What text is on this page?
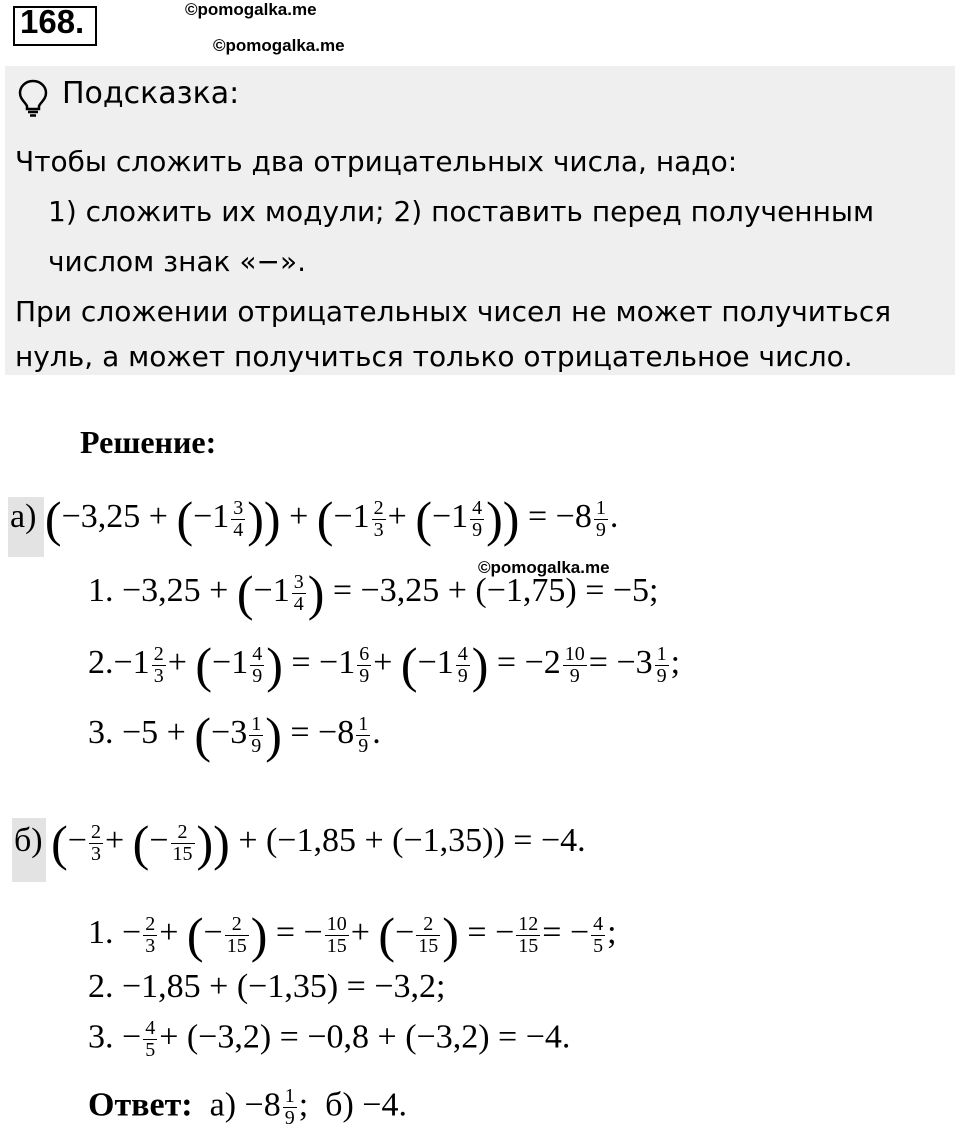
168.	©pomogalka.me
©pomogalka.me
Подсказка:
Чтобы сложить два отрицательных числа, надо:
1) сложить их модули; 2) поставить перед полученным
числом знак «−».
При сложении отрицательных чисел не может получиться
нуль, а может получиться только отрицательное число.
Решение:
а) ($-3,25 + (-1 \frac{3}{4}$ )) + ($-1 \frac{2}{3} + (-1 \frac{4}{9}$ )) = $-8 \frac{1}{9}$ .
©pomogalka.me
1. $-3,25 + (-1 \frac{3}{4}$ ) = −3,25 + (−1,75) = −5;
$2.-1 \frac{2}{3} + (-1 \frac{4}{9}$ ) = $-1 \frac{6}{9} + (-1 \frac{4}{9}$ ) = $-2 \frac{10}{9} = -3 \frac{1}{9}$ ;
3. $-5 + (-3 \frac{1}{9}$ ) = $-8 \frac{1}{9}$ .
б) (− $\frac{2}{3}$ + (− $\frac{2}{15}$ )) + (−1,85 + (−1,35)) = −4.
1. − $\frac{2}{3}$ + (− $\frac{2}{15}$ ) = − $\frac{10}{15}$ + (− $\frac{2}{15}$ ) = − $\frac{12}{15}$ = − $\frac{4}{5}$ ;
2. −1,85 + (−1,35) = −3,2;
3. − $\frac{4}{5} + (-3,2) = -0,8 + (-3,2) = -4$.
Ответ:  $а) -8 \frac{1}{9}$ ;  б) −4.
